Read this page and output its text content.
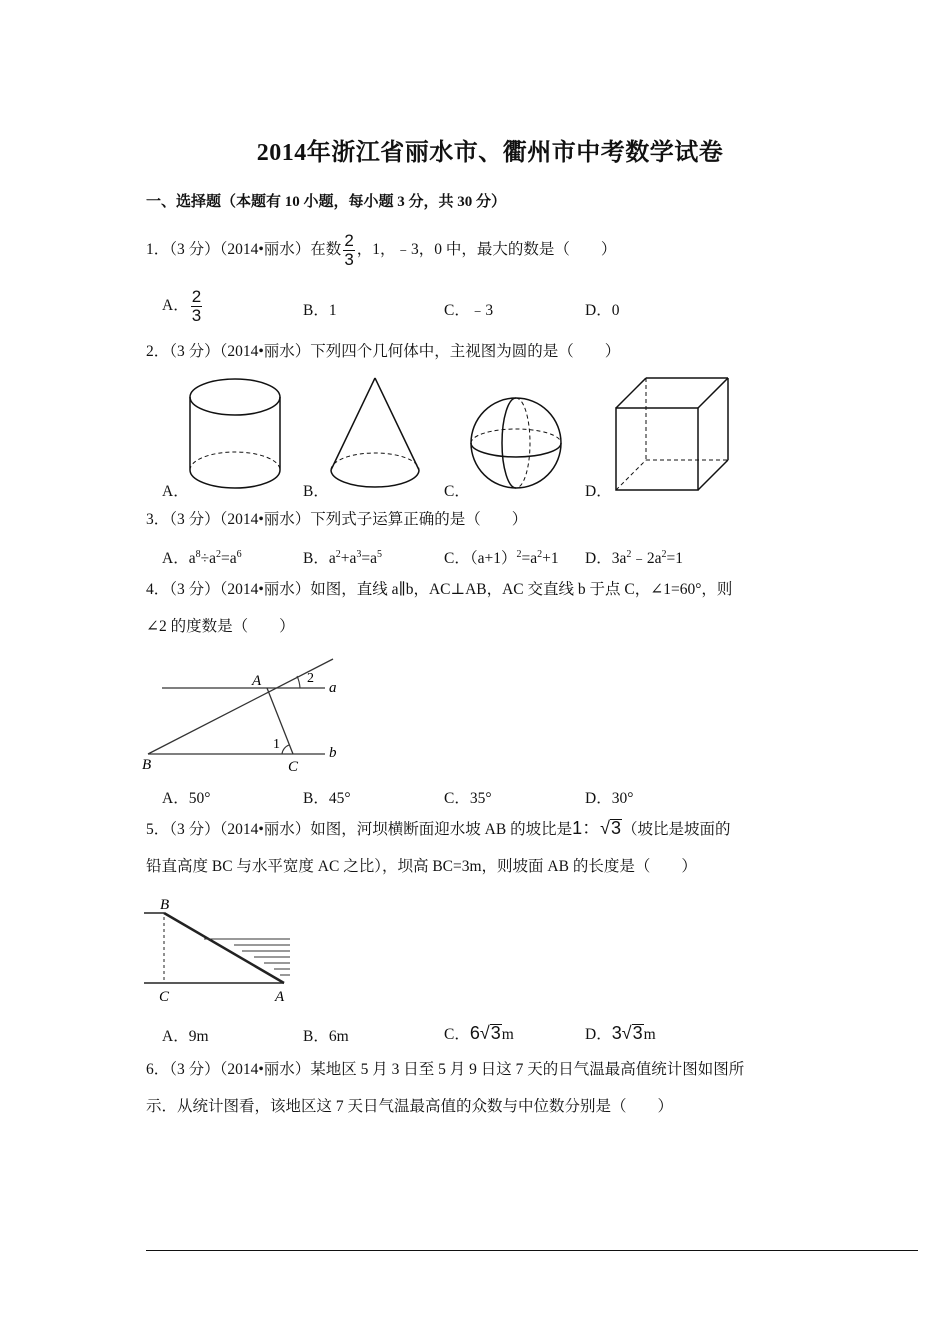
2014年浙江省丽水市、衢州市中考数学试卷
一、选择题（本题有 10 小题，每小题 3 分，共 30 分）
1．（3 分）（2014•丽水）在数 $\frac{2}{3}$ ，1，﹣3，0 中，最大的数是（　　）
A． $\frac{2}{3}$	B．1	C．﹣3	D．0
2．（3 分）（2014•丽水）下列四个几何体中，主视图为圆的是（　　）
A．	B．	C．	D．
3．（3 分）（2014•丽水）下列式子运算正确的是（　　）
A．$a^8\div a^2=a^6$	B．$a^2+a^3=a^5$	C．$(a+1)^2=a^2+1$ D．$3a^2﹣2a^2=1$
4．（3 分）（2014•丽水）如图，直线 a∥b，AC⊥AB，AC 交直线 b 于点 C，∠1=60°，则
∠2 的度数是（　　）
A
B	C
a
b
1
2
A．50°	B．45°	C．35°	D．30°
5．（3 分）（2014•丽水）如图，河坝横断面迎水坡 AB 的坡比是1：√3（坡比是坡面的
铅直高度 BC 与水平宽度 AC 之比），坝高 BC=3m，则坡面 AB 的长度是（　　）
B
C	A
A．9m	B．6m	C．6√3m	D．3√3m
6．（3 分）（2014•丽水）某地区 5 月 3 日至 5 月 9 日这 7 天的日气温最高值统计图如图所
示．从统计图看，该地区这 7 天日气温最高值的众数与中位数分别是（　　）
